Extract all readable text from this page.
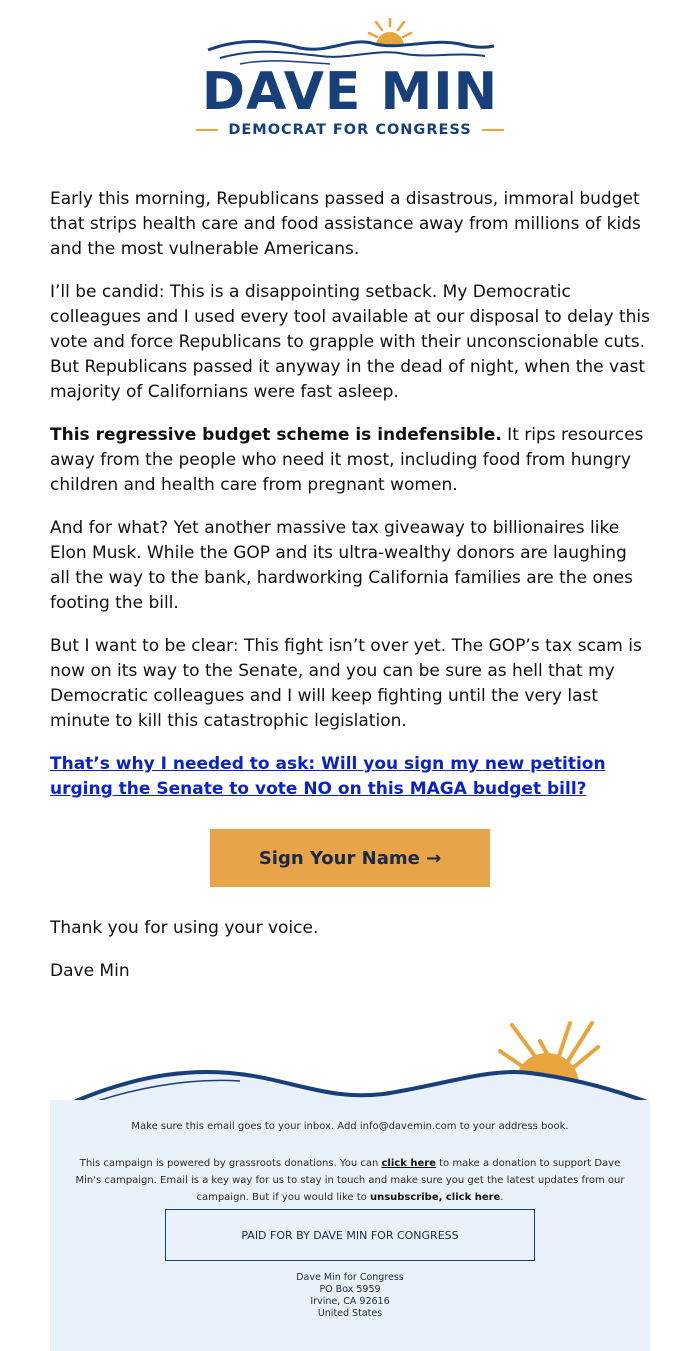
DAVE MIN
DEMOCRAT FOR CONGRESS

Early this morning, Republicans passed a disastrous, immoral budget that strips health care and food assistance away from millions of kids and the most vulnerable Americans.

I’ll be candid: This is a disappointing setback. My Democratic colleagues and I used every tool available at our disposal to delay this vote and force Republicans to grapple with their unconscionable cuts. But Republicans passed it anyway in the dead of night, when the vast majority of Californians were fast asleep.

This regressive budget scheme is indefensible. It rips resources away from the people who need it most, including food from hungry children and health care from pregnant women.

And for what? Yet another massive tax giveaway to billionaires like Elon Musk. While the GOP and its ultra-wealthy donors are laughing all the way to the bank, hardworking California families are the ones footing the bill.

But I want to be clear: This fight isn’t over yet. The GOP’s tax scam is now on its way to the Senate, and you can be sure as hell that my Democratic colleagues and I will keep fighting until the very last minute to kill this catastrophic legislation.

That’s why I needed to ask: Will you sign my new petition urging the Senate to vote NO on this MAGA budget bill?
Sign Your Name →

Thank you for using your voice.

Dave Min

Make sure this email goes to your inbox. Add info@davemin.com to your address book.
This campaign is powered by grassroots donations. You can click here to make a donation to support Dave Min's campaign. Email is a key way for us to stay in touch and make sure you get the latest updates from our campaign. But if you would like to unsubscribe, click here.
PAID FOR BY DAVE MIN FOR CONGRESS
Dave Min for Congress
PO Box 5959
Irvine, CA 92616
United States
